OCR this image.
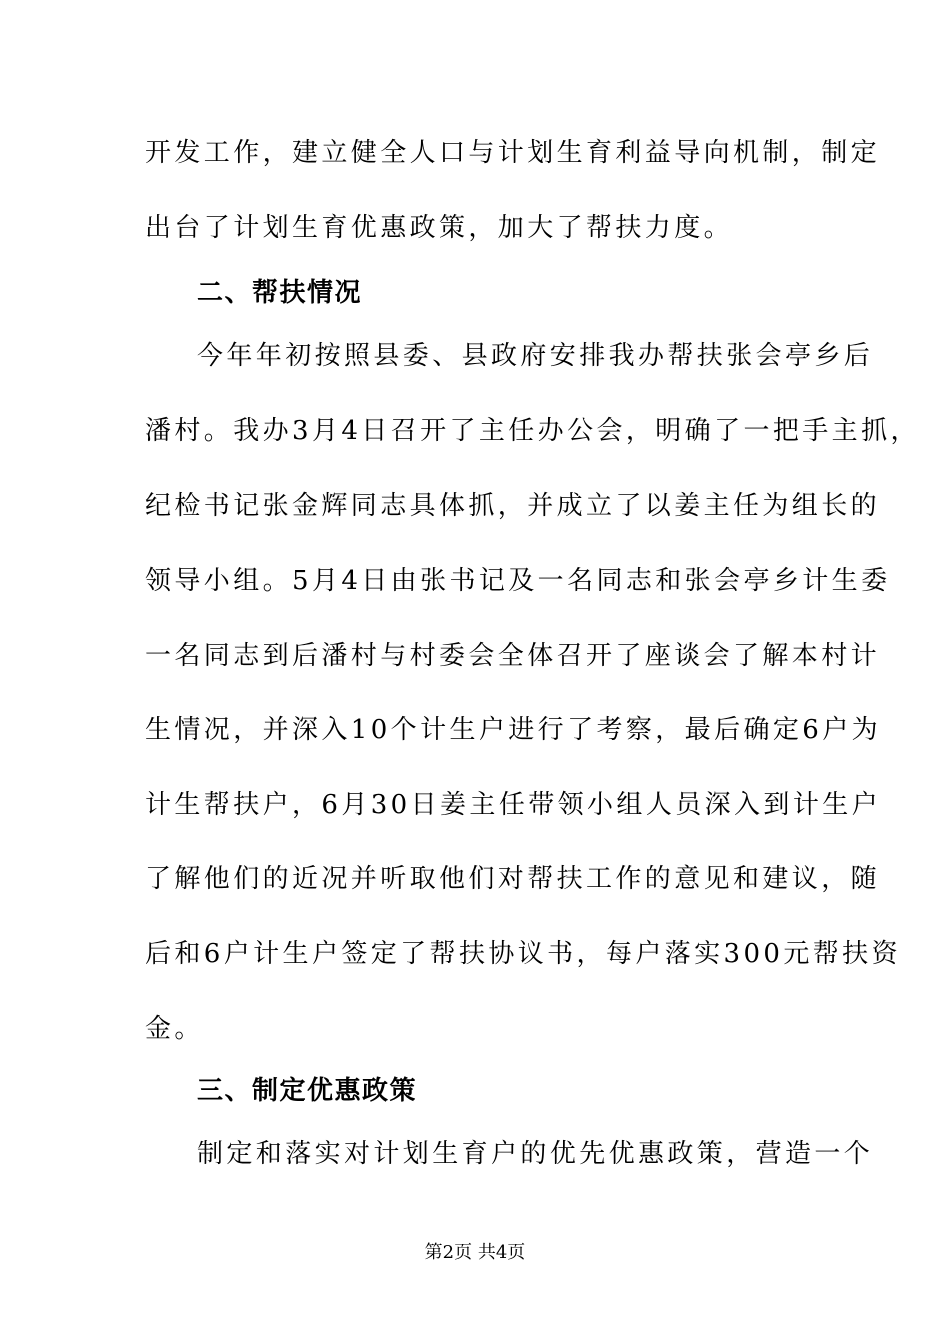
开发工作，建立健全人口与计划生育利益导向机制，制定
出台了计划生育优惠政策，加大了帮扶力度。
二、帮扶情况
今年年初按照县委、县政府安排我办帮扶张会亭乡后
潘村。我办3月4日召开了主任办公会，明确了一把手主抓，
纪检书记张金辉同志具体抓，并成立了以姜主任为组长的
领导小组。5月4日由张书记及一名同志和张会亭乡计生委
一名同志到后潘村与村委会全体召开了座谈会了解本村计
生情况，并深入10个计生户进行了考察，最后确定6户为
计生帮扶户，6月30日姜主任带领小组人员深入到计生户
了解他们的近况并听取他们对帮扶工作的意见和建议，随
后和6户计生户签定了帮扶协议书，每户落实300元帮扶资
金。
三、制定优惠政策
制定和落实对计划生育户的优先优惠政策，营造一个
第2页 共4页
